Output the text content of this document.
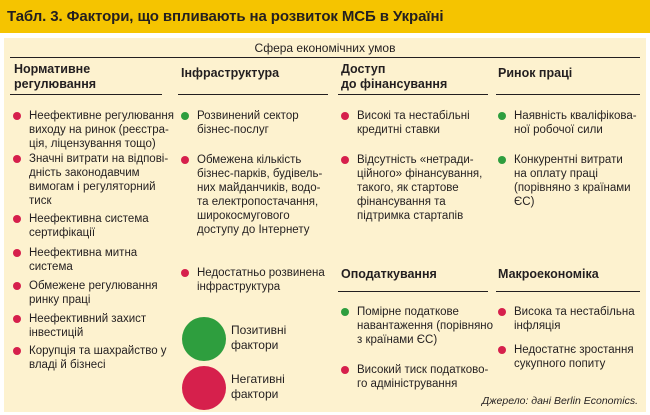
Табл. 3. Фактори, що впливають на розвиток МСБ в Україні
Сфера економічних умов
Нормативне
регулювання
Неефективне регулювання
виходу на ринок (реєстра-
ція, ліцензування тощо)
Значні витрати на відпові-
дність законодавчим
вимогам і регуляторний
тиск
Неефективна система
сертифікації
Неефективна митна
система
Обмежене регулювання
ринку праці
Неефективний захист
інвестицій
Корупція та шахрайство у
владі й бізнесі
Інфраструктура
Розвинений сектор
бізнес-послуг
Обмежена кількість
бізнес-парків, будівель-
них майданчиків, водо-
та електропостачання,
широкосмугового
доступу до Інтернету
Недостатньо розвинена
інфраструктура
Позитивні
фактори
Негативні
фактори
Доступ
до фінансування
Високі та нестабільні
кредитні ставки
Відсутність «нетради-
ційного» фінансування,
такого, як стартове
фінансування та
підтримка стартапів
Оподаткування
Помірне податкове
навантаження (порівняно
з країнами ЄС)
Високий тиск податково-
го адміністрування
Ринок праці
Наявність кваліфікова-
ної робочої сили
Конкурентні витрати
на оплату праці
(порівняно з країнами
ЄС)
Макроекономіка
Висока та нестабільна
інфляція
Недостатнє зростання
сукупного попиту
Джерело: дані Berlin Economics.
